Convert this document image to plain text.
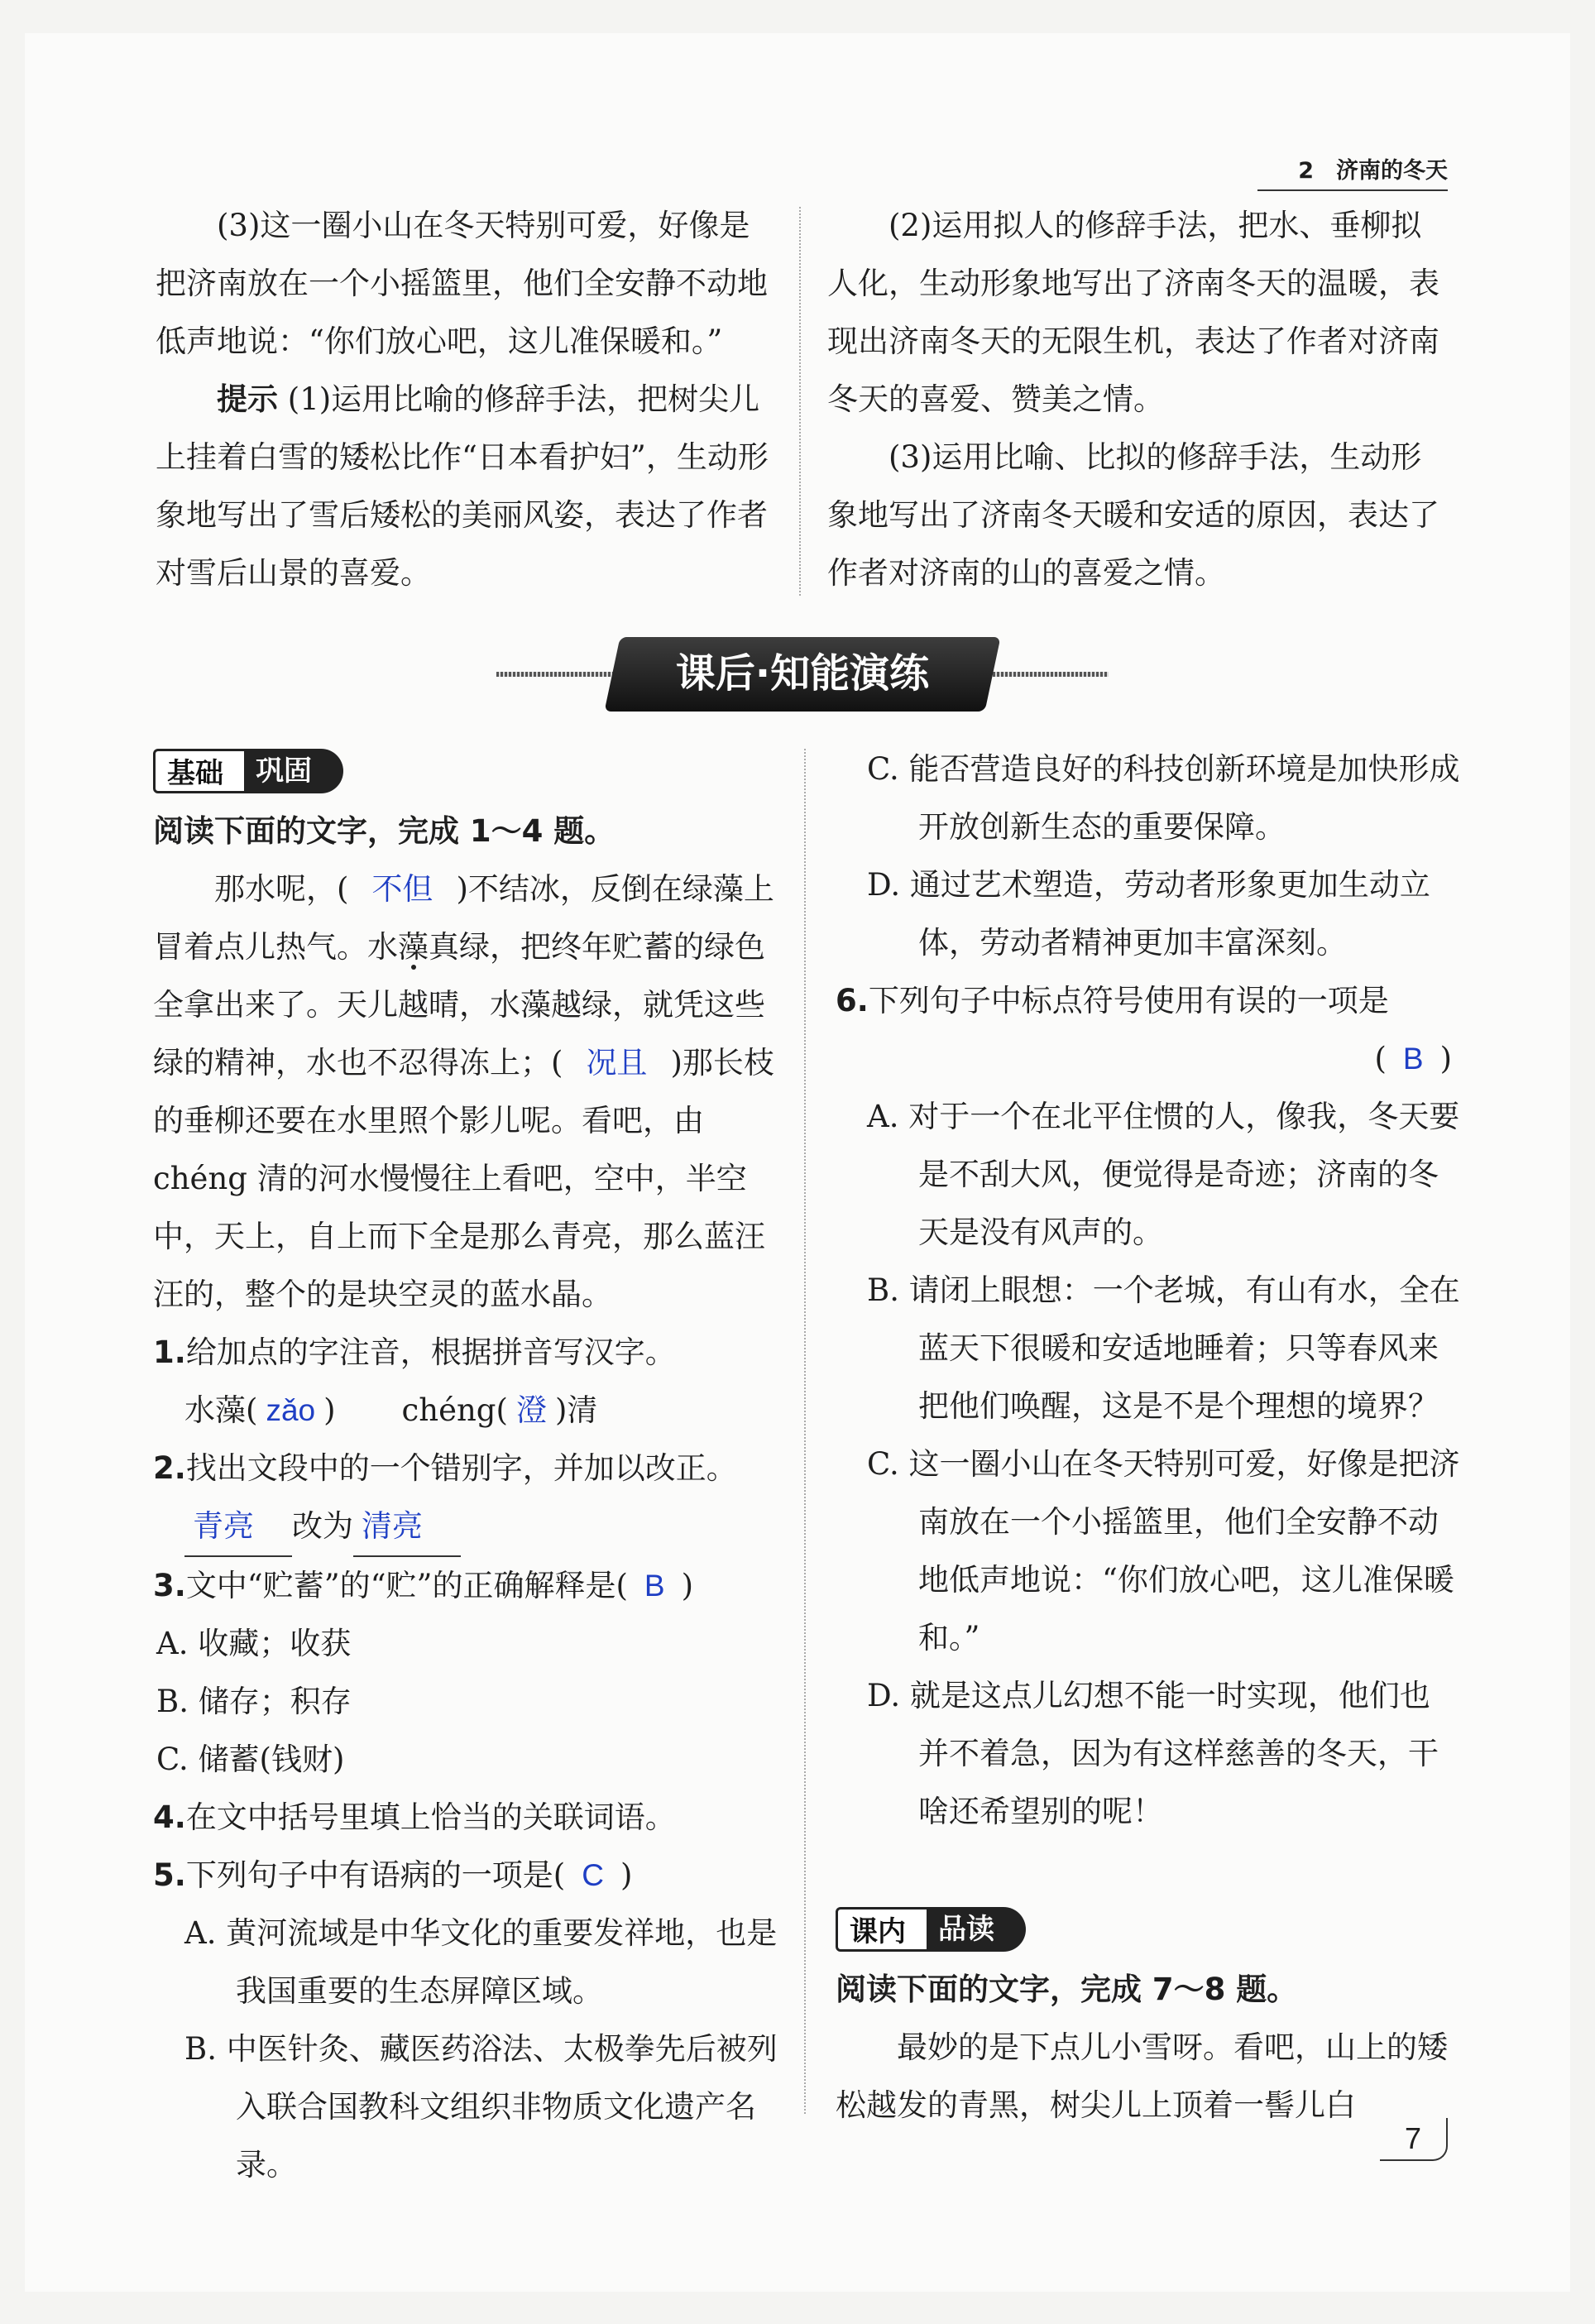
2　济南的冬天

(3)这一圈小山在冬天特别可爱，好像是把济南放在一个小摇篮里，他们全安静不动地低声地说：“你们放心吧，这儿准保暖和。”

提示 (1)运用比喻的修辞手法，把树尖儿上挂着白雪的矮松比作“日本看护妇”，生动形象地写出了雪后矮松的美丽风姿，表达了作者对雪后山景的喜爱。

(2)运用拟人的修辞手法，把水、垂柳拟人化，生动形象地写出了济南冬天的温暖，表现出济南冬天的无限生机，表达了作者对济南冬天的喜爱、赞美之情。

(3)运用比喻、比拟的修辞手法，生动形象地写出了济南冬天暖和安适的原因，表达了作者对济南的山的喜爱之情。

课后·知能演练
基础	巩固

阅读下面的文字，完成 1～4 题。

那水呢，( 不但 )不结冰，反倒在绿藻上冒着点儿热气。水藻真绿，把终年贮蓄的绿色全拿出来了。天儿越晴，水藻越绿，就凭这些绿的精神，水也不忍得冻上；( 况且 )那长枝的垂柳还要在水里照个影儿呢。看吧，由 chéng 清的河水慢慢往上看吧，空中，半空中，天上，自上而下全是那么青亮，那么蓝汪汪的，整个的是块空灵的蓝水晶。

1.给加点的字注音，根据拼音写汉字。

水藻( zǎo ) chéng( 澄 )清

2.找出文段中的一个错别字，并加以改正。

青亮 改为 清亮

3.文中“贮蓄”的“贮”的正确解释是( B )

A. 收藏；收获

B. 储存；积存

C. 储蓄(钱财)

4.在文中括号里填上恰当的关联词语。

5.下列句子中有语病的一项是( C )

A. 黄河流域是中华文化的重要发祥地，也是我国重要的生态屏障区域。

B. 中医针灸、藏医药浴法、太极拳先后被列入联合国教科文组织非物质文化遗产名录。

C. 能否营造良好的科技创新环境是加快形成开放创新生态的重要保障。

D. 通过艺术塑造，劳动者形象更加生动立体，劳动者精神更加丰富深刻。

6.下列句子中标点符号使用有误的一项是

( B )

A. 对于一个在北平住惯的人，像我，冬天要是不刮大风，便觉得是奇迹；济南的冬天是没有风声的。

B. 请闭上眼想：一个老城，有山有水，全在蓝天下很暖和安适地睡着；只等春风来把他们唤醒，这是不是个理想的境界？

C. 这一圈小山在冬天特别可爱，好像是把济南放在一个小摇篮里，他们全安静不动地低声地说：“你们放心吧，这儿准保暖和。”

D. 就是这点儿幻想不能一时实现，他们也并不着急，因为有这样慈善的冬天，干啥还希望别的呢！

课内	品读

阅读下面的文字，完成 7～8 题。

最妙的是下点儿小雪呀。看吧，山上的矮松越发的青黑，树尖儿上顶着一髻儿白

7
